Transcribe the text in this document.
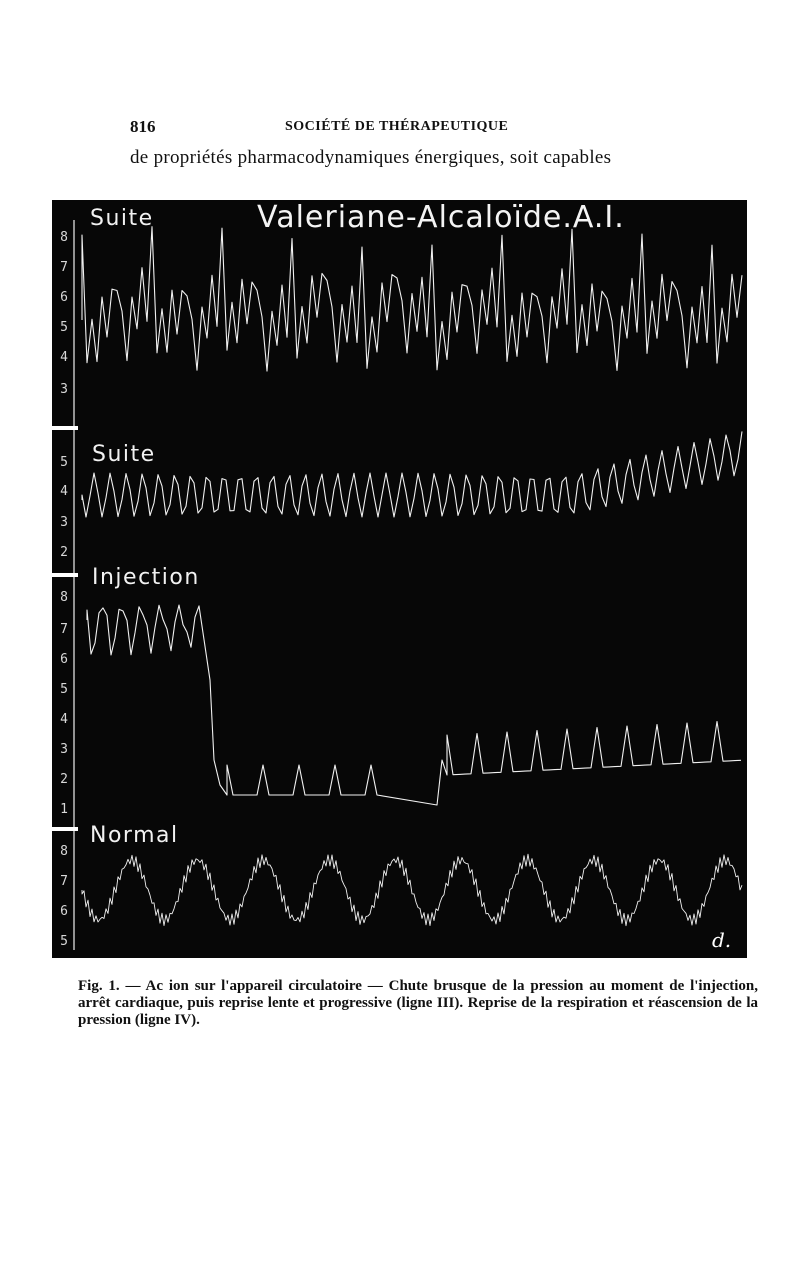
816	SOCIÉTÉ DE THÉRAPEUTIQUE
de propriétés pharmacodynamiques énergiques, soit capables
Valeriane-Alcaloïde.A.I.
Suite
Suite
Injection
Normal
8
7
6
5
4
3
5
4
3
2
8
7
6
5
4
3
2
1
8
7
6
5	d.
Fig. 1. — Ac ion sur l'appareil circulatoire — Chute brusque de la pression au moment de l'injection, arrêt cardiaque, puis reprise lente et progressive (ligne III). Reprise de la respiration et réascension de la pression (ligne IV).
